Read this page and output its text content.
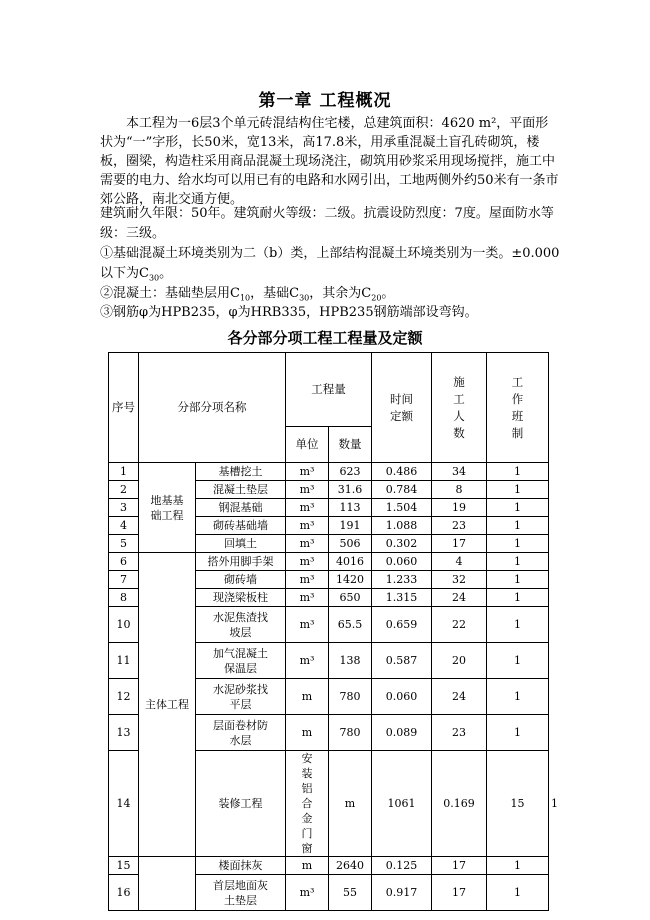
第一章 工程概况
本工程为一6层3个单元砖混结构住宅楼，总建筑面积：4620 m²，平面形状为“一”字形，长50米，宽13米，高17.8米，用承重混凝土盲孔砖砌筑，楼板，圈梁，构造柱采用商品混凝土现场浇注，砌筑用砂浆采用现场搅拌，施工中需要的电力、给水均可以用已有的电路和水网引出，工地两侧外约50米有一条市郊公路，南北交通方便。
建筑耐久年限：50年。建筑耐火等级：二级。抗震设防烈度：7度。屋面防水等级：三级。
①基础混凝土环境类别为二（b）类，上部结构混凝土环境类别为一类。±0.000以下为$C_{30}$。
②混凝土：基础垫层用$C_{10}$，基础$C_{30}$，其余为$C_{20}$。
③钢筋φ为HPB235，φ为HRB335，HPB235钢筋端部设弯钩。
各分部分项工程工程量及定额
序号	分部分项名称		工程量		时间定额	施工人数	工作班制	
			单位	数量				
1	地基基础工程	基槽挖土	m³	623	0.486	34	1	
2		混凝土垫层	m³	31.6	0.784	8	1	
3		钢混基础	m³	113	1.504	19	1	
4		砌砖基础墙	m³	191	1.088	23	1	
5		回填土	m³	506	0.302	17	1	
6	主体工程	搭外用脚手架	m³	4016	0.060	4	1	
7		砌砖墙	m³	1420	1.233	32	1	
8		现浇梁板柱	m³	650	1.315	24	1	
10		水泥焦渣找坡层	m³	65.5	0.659	22	1	
11		加气混凝土保温层	m³	138	0.587	20	1	
12		水泥砂浆找平层	m	780	0.060	24	1	
13		层面卷材防水层	m	780	0.089	23	1	
14		装修工程	安装铝合金门窗	m	1061	0.169	15	1
15		楼面抹灰	m	2640	0.125	17	1	
16		首层地面灰土垫层	m³	55	0.917	17	1	
